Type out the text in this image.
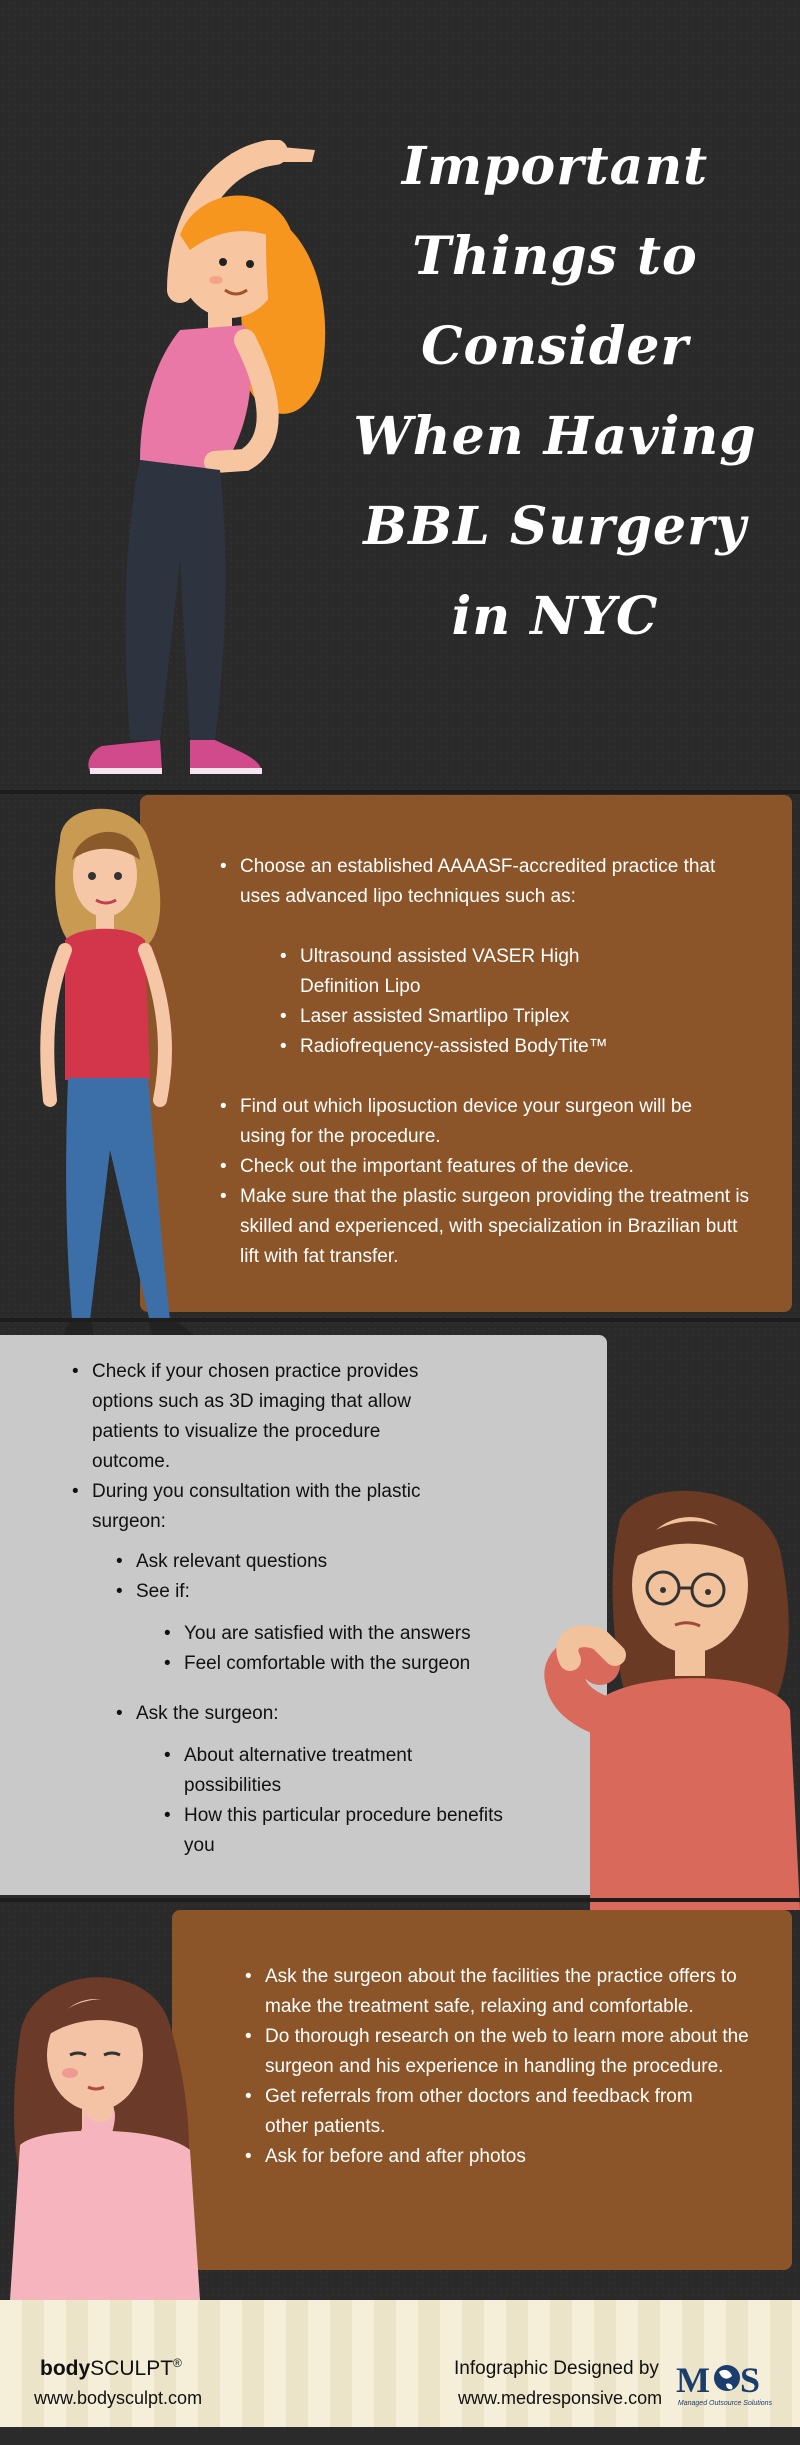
Important
Things to
Consider
When Having
BBL Surgery
in NYC
• Choose an established AAAASF-accredited practice that uses advanced lipo techniques such as:
• Ultrasound assisted VASER High Definition Lipo
• Laser assisted Smartlipo Triplex
• Radiofrequency-assisted BodyTite™
• Find out which liposuction device your surgeon will be using for the procedure.
• Check out the important features of the device.
• Make sure that the plastic surgeon providing the treatment is skilled and experienced, with specialization in Brazilian butt lift with fat transfer.
• Check if your chosen practice provides options such as 3D imaging that allow patients to visualize the procedure outcome.
• During you consultation with the plastic surgeon:
• Ask relevant questions
• See if:
• You are satisfied with the answers
• Feel comfortable with the surgeon
• Ask the surgeon:
• About alternative treatment possibilities
• How this particular procedure benefits you
• Ask the surgeon about the facilities the practice offers to make the treatment safe, relaxing and comfortable.
• Do thorough research on the web to learn more about the surgeon and his experience in handling the procedure.
• Get referrals from other doctors and feedback from other patients.
• Ask for before and after photos
bodySCULPT®
www.bodysculpt.com
Infographic Designed by
www.medresponsive.com M S
Managed Outsource Solutions
